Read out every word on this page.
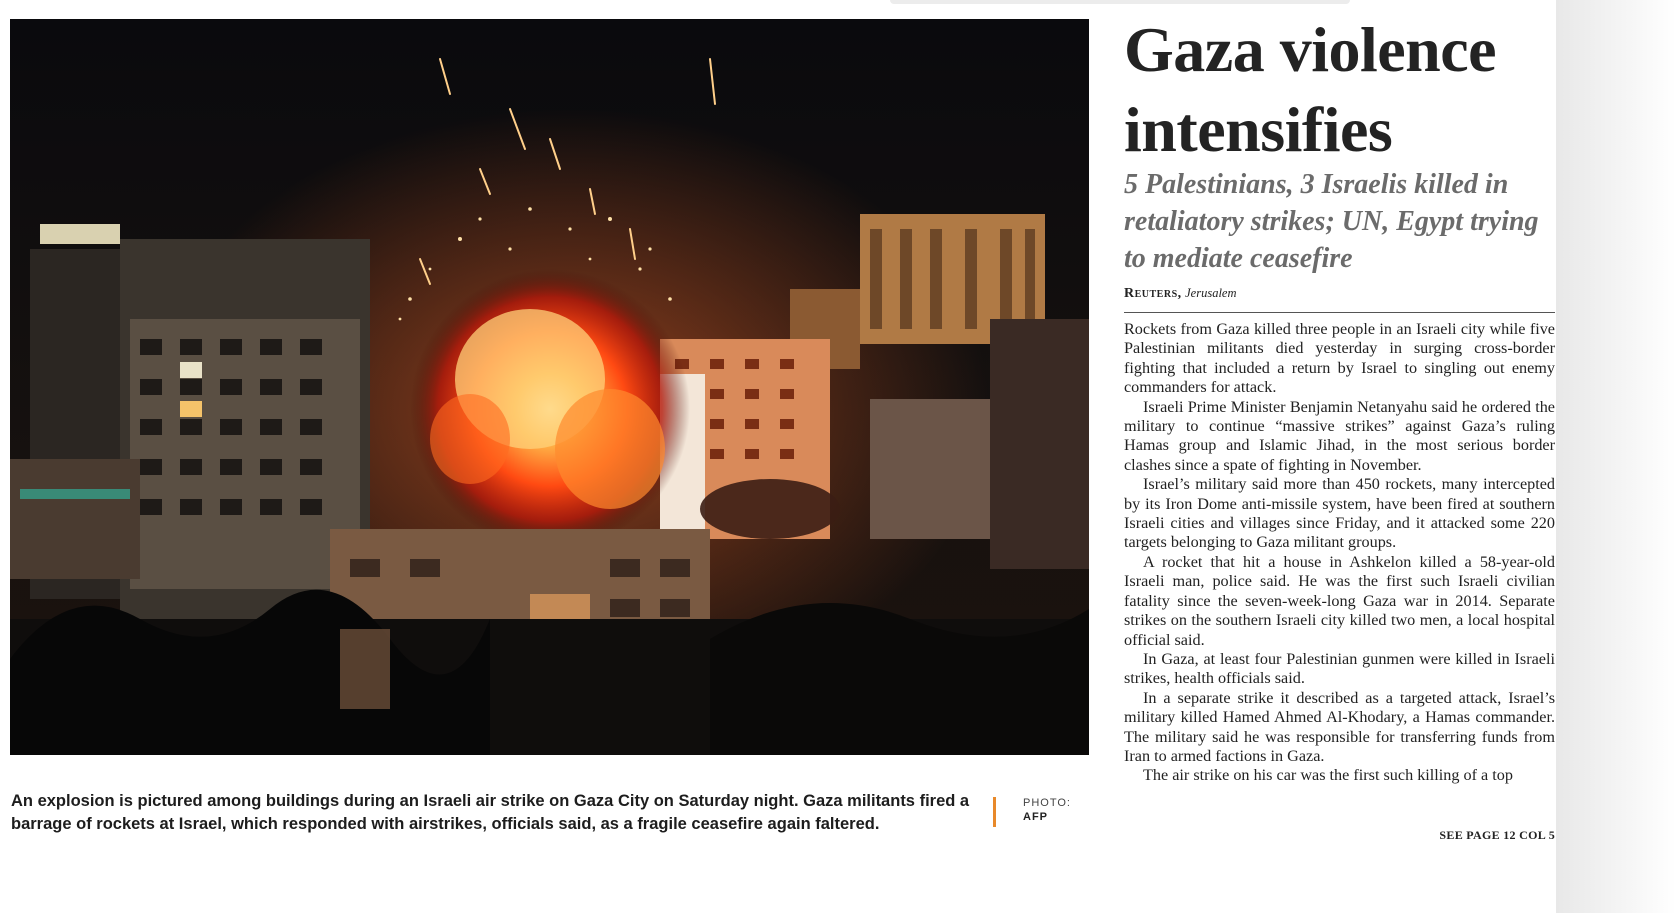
An explosion is pictured among buildings during an Israeli air strike on Gaza City on Saturday night. Gaza militants fired a barrage of rockets at Israel, which responded with airstrikes, officials said, as a fragile ceasefire again faltered.
PHOTO:
AFP
Gaza violence intensifies
5 Palestinians, 3 Israelis killed in retaliatory strikes; UN, Egypt trying to mediate ceasefire
Reuters, Jerusalem

Rockets from Gaza killed three people in an Israeli city while five Palestinian militants died yesterday in surging cross-border fighting that included a return by Israel to singling out enemy commanders for attack.

Israeli Prime Minister Benjamin Netanyahu said he ordered the military to continue “massive strikes” against Gaza’s ruling Hamas group and Islamic Jihad, in the most serious border clashes since a spate of fighting in November.

Israel’s military said more than 450 rockets, many intercepted by its Iron Dome anti-missile system, have been fired at southern Israeli cities and villages since Friday, and it attacked some 220 targets belonging to Gaza militant groups.

A rocket that hit a house in Ashkelon killed a 58-year-old Israeli man, police said. He was the first such Israeli civilian fatality since the seven-week-long Gaza war in 2014. Separate strikes on the southern Israeli city killed two men, a local hospital official said.

In Gaza, at least four Palestinian gunmen were killed in Israeli strikes, health officials said.

In a separate strike it described as a targeted attack, Israel’s military killed Hamed Ahmed Al-Khodary, a Hamas commander. The military said he was responsible for transferring funds from Iran to armed factions in Gaza.

The air strike on his car was the first such killing of a top

SEE PAGE 12 COL 5
